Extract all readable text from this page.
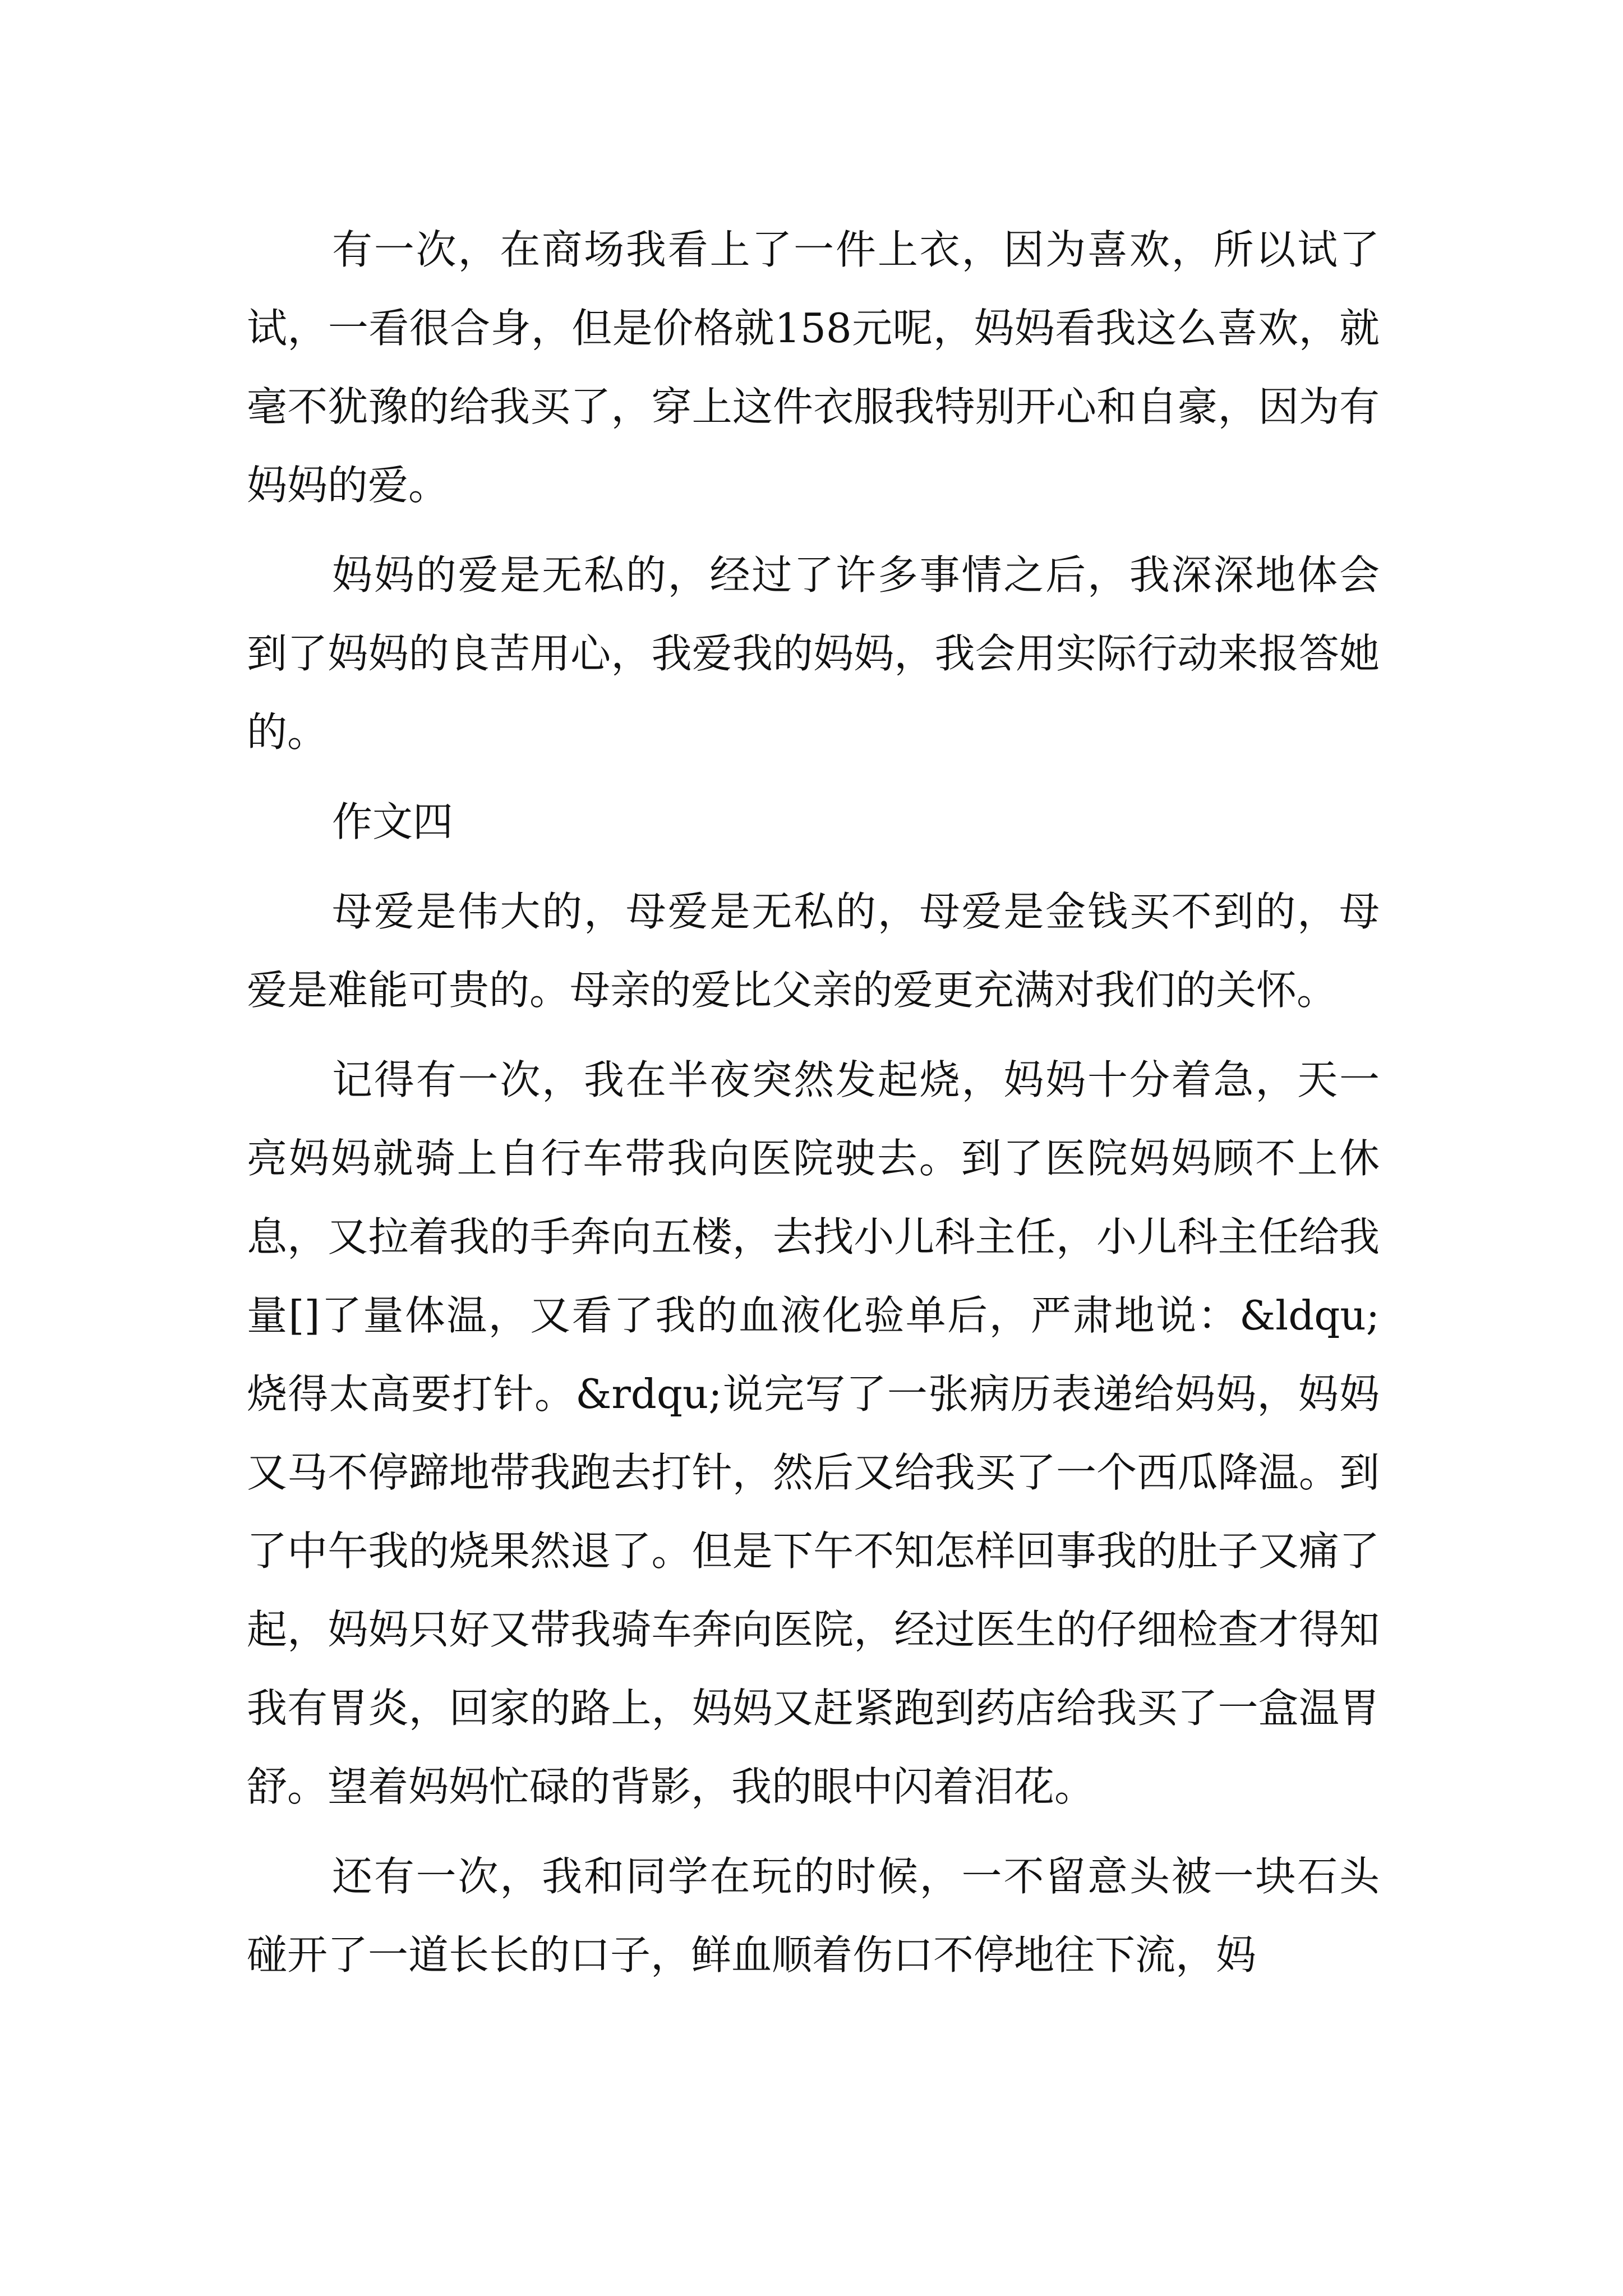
有一次，在商场我看上了一件上衣，因为喜欢，所以试了试，一看很合身，但是价格就158元呢，妈妈看我这么喜欢，就毫不犹豫的给我买了，穿上这件衣服我特别开心和自豪，因为有妈妈的爱。

妈妈的爱是无私的，经过了许多事情之后，我深深地体会到了妈妈的良苦用心，我爱我的妈妈，我会用实际行动来报答她的。

作文四

母爱是伟大的，母爱是无私的，母爱是金钱买不到的，母爱是难能可贵的。母亲的爱比父亲的爱更充满对我们的关怀。

记得有一次，我在半夜突然发起烧，妈妈十分着急，天一亮妈妈就骑上自行车带我向医院驶去。到了医院妈妈顾不上休息，又拉着我的手奔向五楼，去找小儿科主任，小儿科主任给我量[]了量体温，又看了我的血液化验单后，严肃地说：&ldqu;烧得太高要打针。&rdqu;说完写了一张病历表递给妈妈，妈妈又马不停蹄地带我跑去打针，然后又给我买了一个西瓜降温。到了中午我的烧果然退了。但是下午不知怎样回事我的肚子又痛了起，妈妈只好又带我骑车奔向医院，经过医生的仔细检查才得知我有胃炎，回家的路上，妈妈又赶紧跑到药店给我买了一盒温胃舒。望着妈妈忙碌的背影，我的眼中闪着泪花。

还有一次，我和同学在玩的时候，一不留意头被一块石头碰开了一道长长的口子，鲜血顺着伤口不停地往下流，妈
